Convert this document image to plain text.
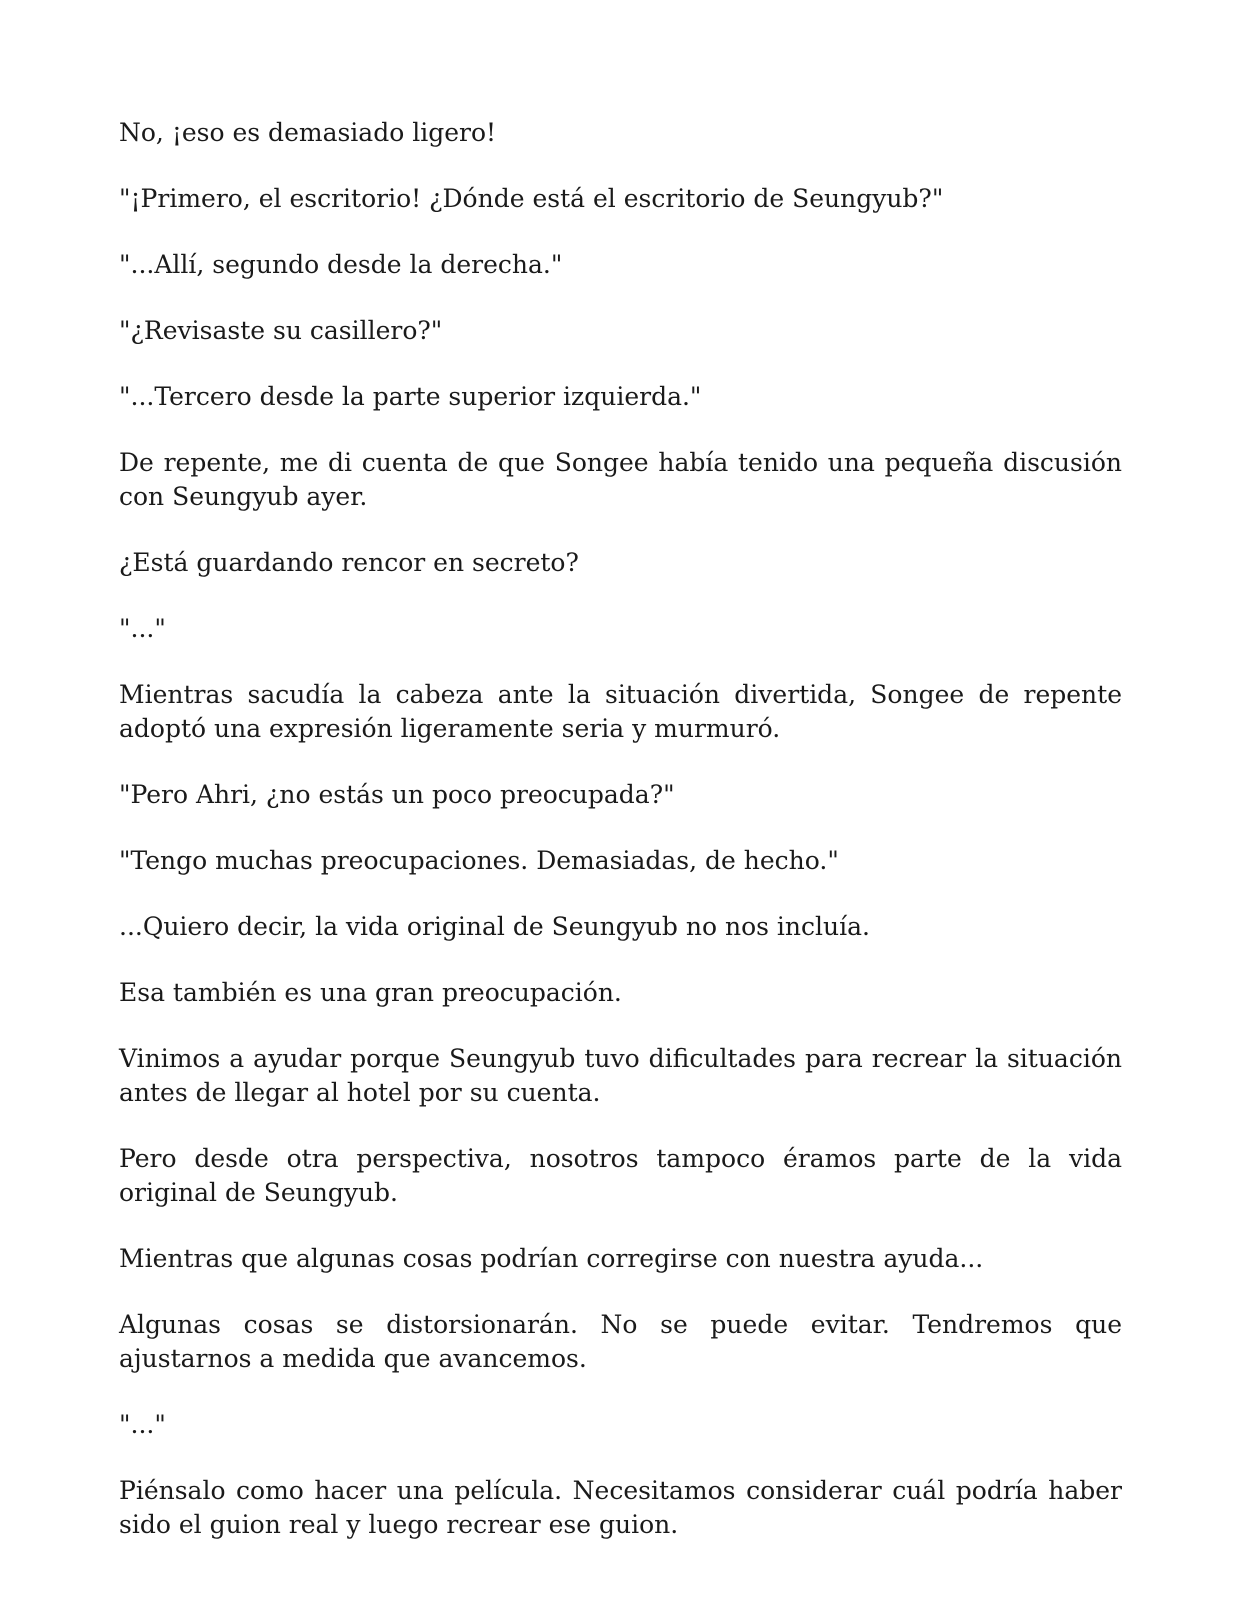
No, ¡eso es demasiado ligero!

"¡Primero, el escritorio! ¿Dónde está el escritorio de Seungyub?"

"...Allí, segundo desde la derecha."

"¿Revisaste su casillero?"

"...Tercero desde la parte superior izquierda."

De repente, me di cuenta de que Songee había tenido una pequeña discusión con Seungyub ayer.

¿Está guardando rencor en secreto?

"..."

Mientras sacudía la cabeza ante la situación divertida, Songee de repente adoptó una expresión ligeramente seria y murmuró.

"Pero Ahri, ¿no estás un poco preocupada?"

"Tengo muchas preocupaciones. Demasiadas, de hecho."

...Quiero decir, la vida original de Seungyub no nos incluía.

Esa también es una gran preocupación.

Vinimos a ayudar porque Seungyub tuvo dificultades para recrear la situación antes de llegar al hotel por su cuenta.

Pero desde otra perspectiva, nosotros tampoco éramos parte de la vida original de Seungyub.

Mientras que algunas cosas podrían corregirse con nuestra ayuda...

Algunas cosas se distorsionarán. No se puede evitar. Tendremos que ajustarnos a medida que avancemos.

"..."

Piénsalo como hacer una película. Necesitamos considerar cuál podría haber sido el guion real y luego recrear ese guion.
